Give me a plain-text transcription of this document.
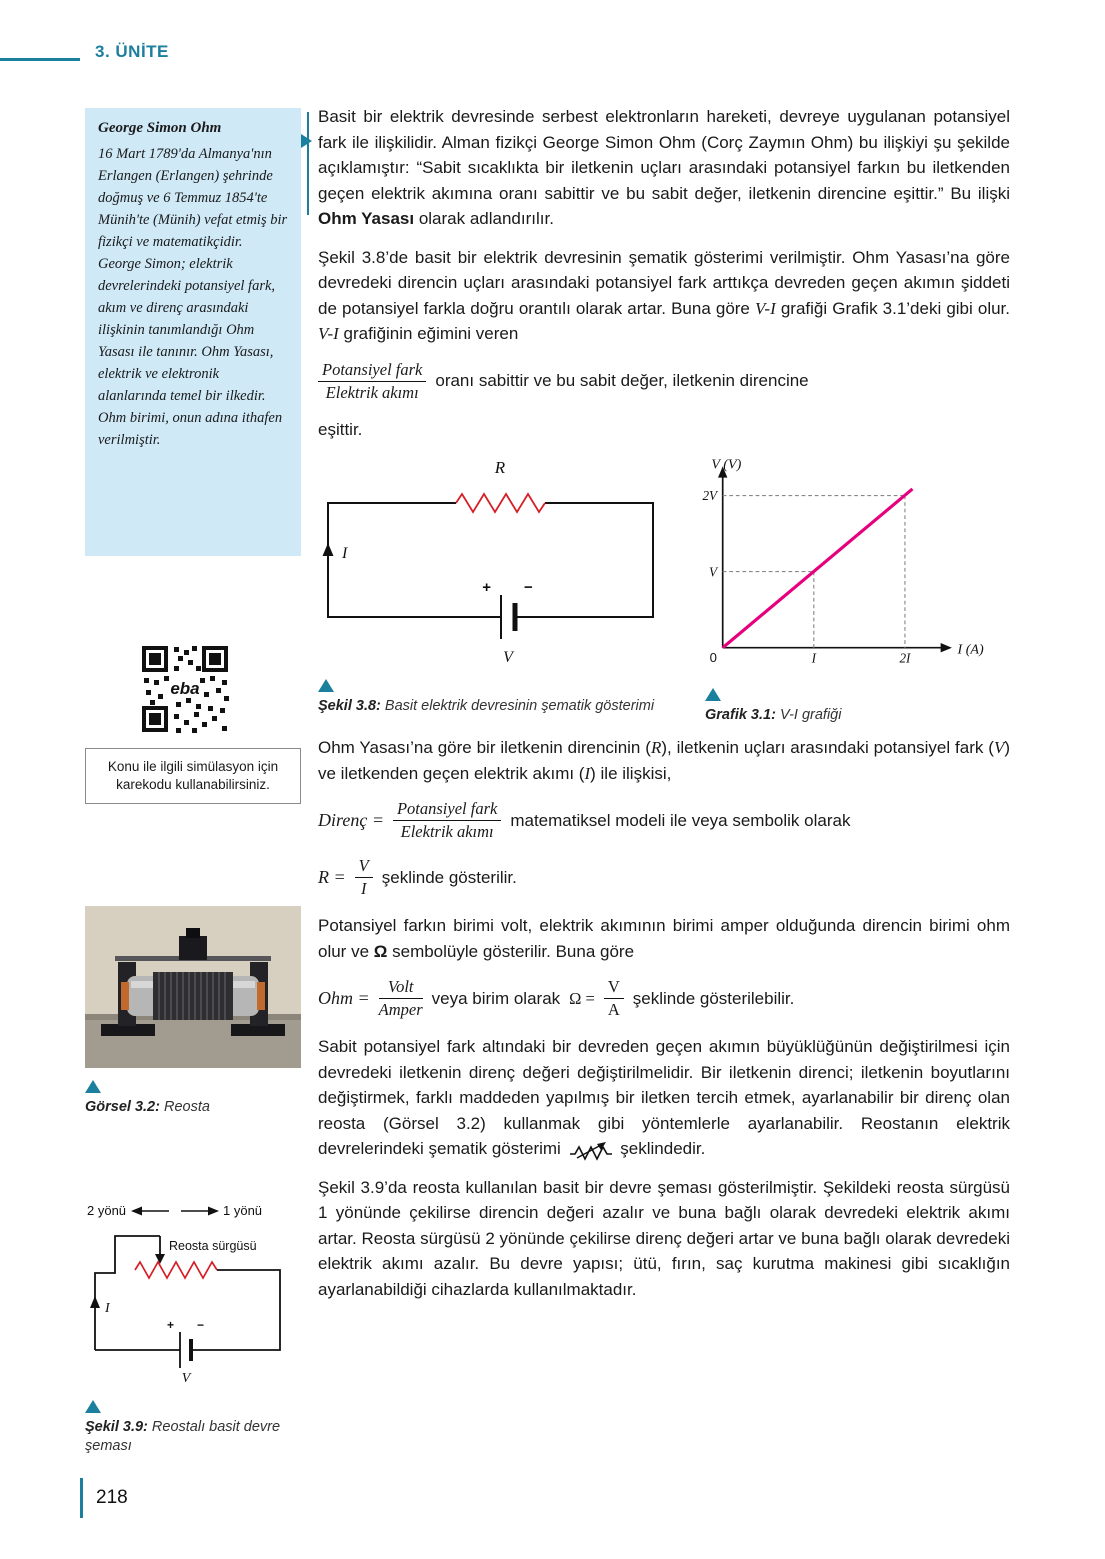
3. ÜNİTE
George Simon Ohm

16 Mart 1789'da Almanya'nın Erlangen (Erlangen) şehrinde doğmuş ve 6 Temmuz 1854'te Münih'te (Münih) vefat etmiş bir fizikçi ve matematikçidir. George Simon; elektrik devrelerindeki potansiyel fark, akım ve direnç arasındaki ilişkinin tanımlandığı Ohm Yasası ile tanınır. Ohm Yasası, elektrik ve elektronik alanlarında temel bir ilkedir. Ohm birimi, onun adına ithafen verilmiştir.

eba
Konu ile ilgili simülasyon için karekodu kullanabilirsiniz.
Görsel 3.2: Reosta
2 yönü	1 yönü
Reosta sürgüsü
+ −
V
I
Şekil 3.9: Reostalı basit devre şeması

Basit bir elektrik devresinde serbest elektronların hareketi, devreye uygulanan potansiyel fark ile ilişkilidir. Alman fizikçi George Simon Ohm (Corç Zaymın Ohm) bu ilişkiyi şu şekilde açıklamıştır: “Sabit sıcaklıkta bir iletkenin uçları arasındaki potansiyel farkın bu iletkenden geçen elektrik akımına oranı sabittir ve bu sabit değer, iletkenin direncine eşittir.” Bu ilişki Ohm Yasası olarak adlandırılır.

Şekil 3.8’de basit bir elektrik devresinin şematik gösterimi verilmiştir. Ohm Yasası’na göre devredeki direncin uçları arasındaki potansiyel fark arttıkça devreden geçen akımın şiddeti de potansiyel farkla doğru orantılı olarak artar. Buna göre V-I grafiği Grafik 3.1’deki gibi olur. V-I grafiğinin eğimini veren

$\frac{\text{Potansiyel fark}}{\text{Elektrik akımı}}$ oranı sabittir ve bu sabit değer, iletkenin direncine

eşittir.

R
I
+ −
V
Şekil 3.8: Basit elektrik devresinin şematik gösterimi
V (V)
I (A)
0
2V
V
I	2I
Grafik 3.1: V-I grafiği

Ohm Yasası’na göre bir iletkenin direncinin (R), iletkenin uçları arasındaki potansiyel fark (V) ve iletkenden geçen elektrik akımı (I) ile ilişkisi,

Direnç = $\frac{\text{Potansiyel fark}}{\text{Elektrik akımı}}$ matematiksel modeli ile veya sembolik olarak
$R = \frac{V}{I}$ şeklinde gösterilir.

Potansiyel farkın birimi volt, elektrik akımının birimi amper olduğunda direncin birimi ohm olur ve Ω sembolüyle gösterilir. Buna göre

Ohm = $\frac{\text{Volt}}{\text{Amper}}$ veya birim olarak $\Omega = \frac{V}{A}$ şeklinde gösterilebilir.

Sabit potansiyel fark altındaki bir devreden geçen akımın büyüklüğünün değiştirilmesi için devredeki iletkenin direnç değeri değiştirilmelidir. Bir iletkenin direnci; iletkenin boyutlarını değiştirmek, farklı maddeden yapılmış bir iletken tercih etmek, ayarlanabilir bir direnç olan reosta (Görsel 3.2) kullanmak gibi yöntemlerle ayarlanabilir. Reostanın elektrik devrelerindeki şematik gösterimi	şeklindedir.

Şekil 3.9’da reosta kullanılan basit bir devre şeması gösterilmiştir. Şekildeki reosta sürgüsü 1 yönünde çekilirse direncin değeri azalır ve buna bağlı olarak devredeki elektrik akımı artar. Reosta sürgüsü 2 yönünde çekilirse direnç değeri artar ve buna bağlı olarak devredeki elektrik akımı azalır. Bu devre yapısı; ütü, fırın, saç kurutma makinesi gibi sıcaklığın ayarlanabildiği cihazlarda kullanılmaktadır.

218
